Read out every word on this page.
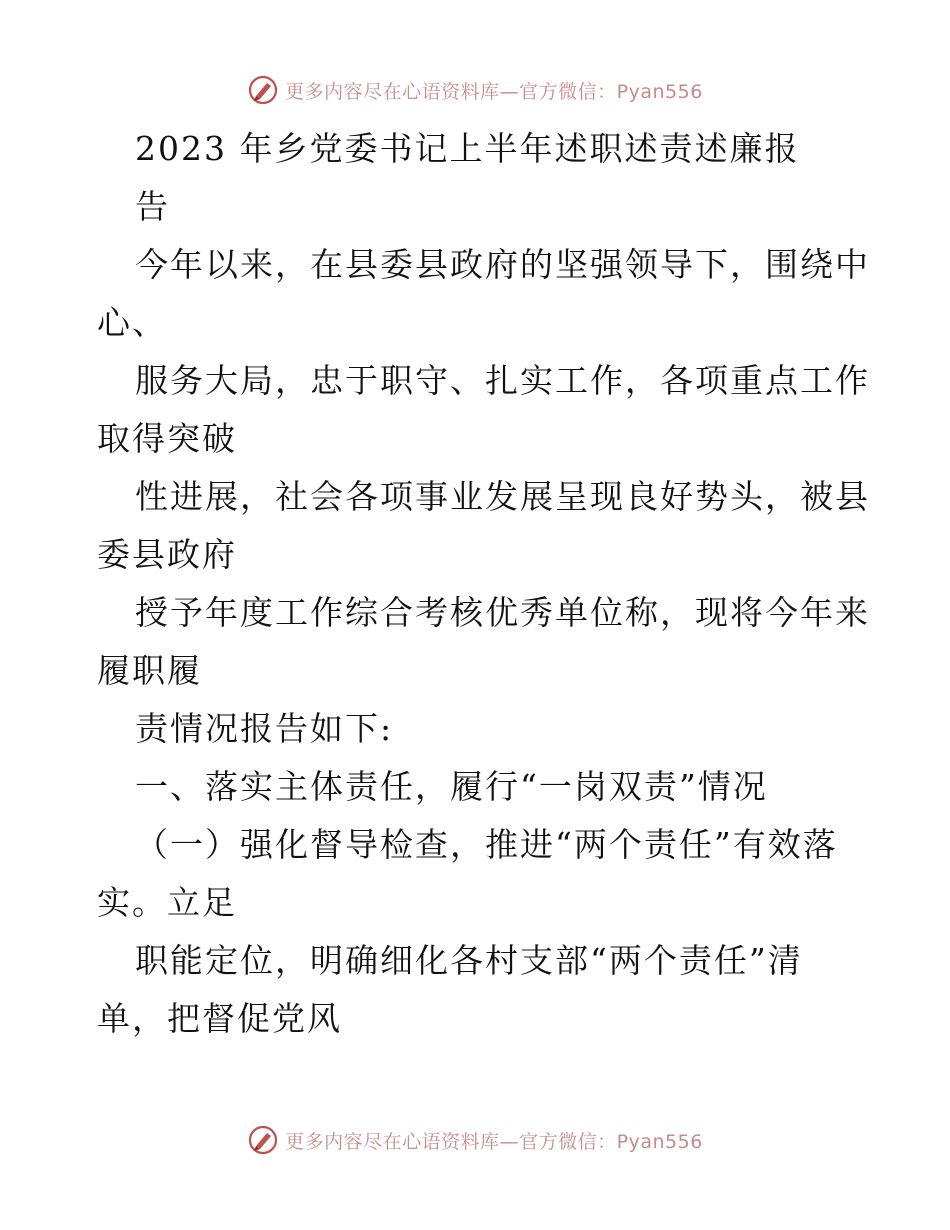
更多内容尽在心语资料库—官方微信：Pyan556
2023 年乡党委书记上半年述职述责述廉报
告
今年以来，在县委县政府的坚强领导下，围绕中
心、
服务大局，忠于职守、扎实工作，各项重点工作
取得突破
性进展，社会各项事业发展呈现良好势头，被县
委县政府
授予年度工作综合考核优秀单位称，现将今年来
履职履
责情况报告如下:
一、落实主体责任，履行“一岗双责”情况
（一）强化督导检查，推进“两个责任”有效落
实。立足
职能定位，明确细化各村支部“两个责任”清
单，把督促党风
更多内容尽在心语资料库—官方微信：Pyan556
